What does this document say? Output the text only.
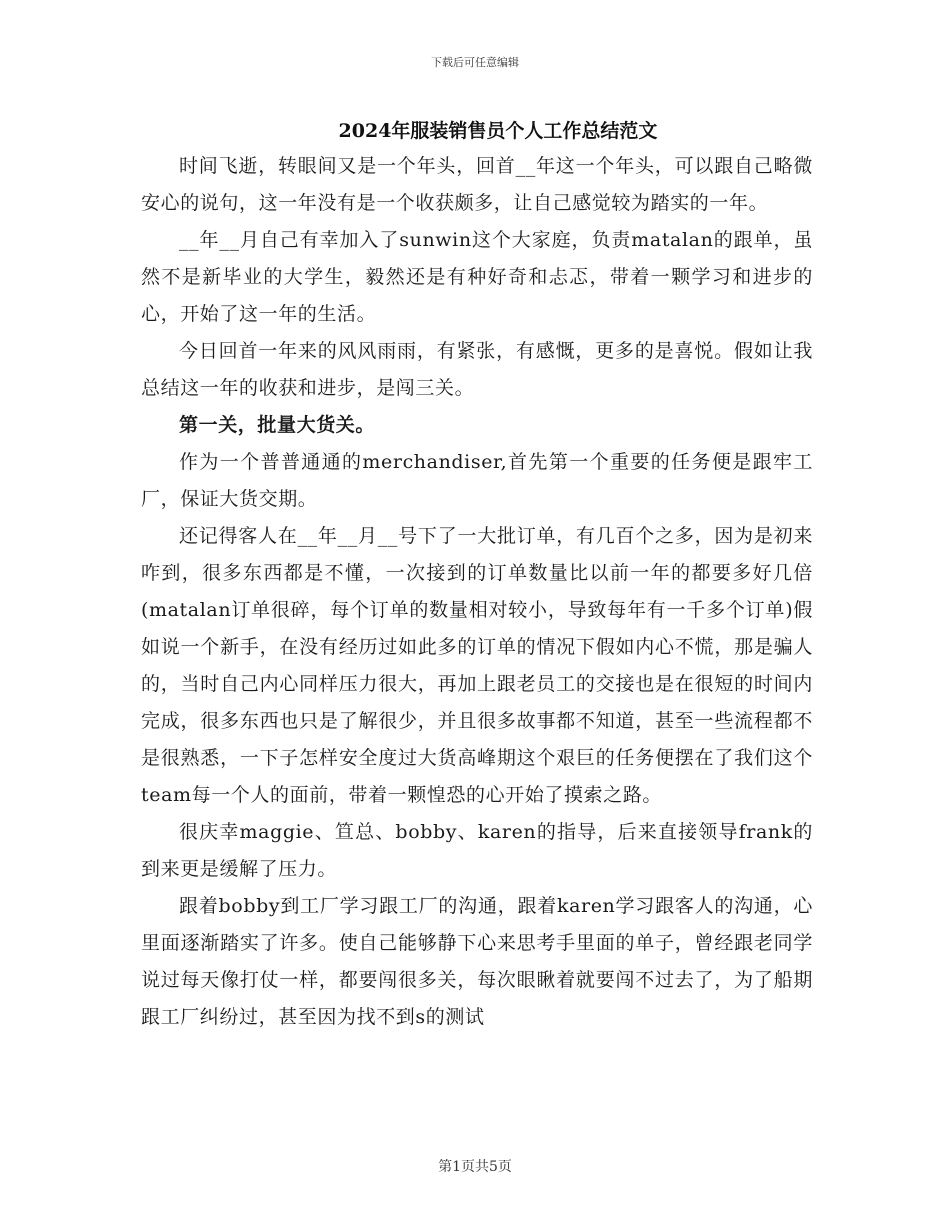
下载后可任意编辑
2024年服装销售员个人工作总结范文

时间飞逝，转眼间又是一个年头，回首__年这一个年头，可以跟自己略微安心的说句，这一年没有是一个收获颇多，让自己感觉较为踏实的一年。

__年__月自己有幸加入了sunwin这个大家庭，负责matalan的跟单，虽然不是新毕业的大学生，毅然还是有种好奇和忐忑，带着一颗学习和进步的心，开始了这一年的生活。

今日回首一年来的风风雨雨，有紧张，有感慨，更多的是喜悦。假如让我总结这一年的收获和进步，是闯三关。

第一关，批量大货关。

作为一个普普通通的merchandiser,首先第一个重要的任务便是跟牢工厂，保证大货交期。

还记得客人在__年__月__号下了一大批订单，有几百个之多，因为是初来咋到，很多东西都是不懂，一次接到的订单数量比以前一年的都要多好几倍(matalan订单很碎，每个订单的数量相对较小，导致每年有一千多个订单)假如说一个新手，在没有经历过如此多的订单的情况下假如内心不慌，那是骗人的，当时自己内心同样压力很大，再加上跟老员工的交接也是在很短的时间内完成，很多东西也只是了解很少，并且很多故事都不知道，甚至一些流程都不是很熟悉，一下子怎样安全度过大货高峰期这个艰巨的任务便摆在了我们这个team每一个人的面前，带着一颗惶恐的心开始了摸索之路。

很庆幸maggie、笪总、bobby、karen的指导，后来直接领导frank的到来更是缓解了压力。

跟着bobby到工厂学习跟工厂的沟通，跟着karen学习跟客人的沟通，心里面逐渐踏实了许多。使自己能够静下心来思考手里面的单子，曾经跟老同学说过每天像打仗一样，都要闯很多关，每次眼瞅着就要闯不过去了，为了船期跟工厂纠纷过，甚至因为找不到s的测试

第1页共5页
